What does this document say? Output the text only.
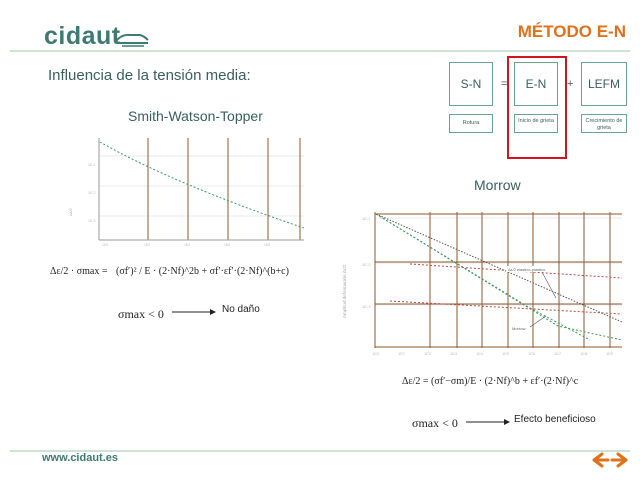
cidaut	MÉTODO E-N
Influencia de la tensión media:	S-N	=	E-N	+	LEFM
Rotura	Inicio de grieta	Crecimiento de grieta
Smith-Watson-Topper
1E-1
1E-2
1E-3
1E0	1E2	1E4	1E6	1E8
Δε/2
Δε/2 · σmax = (σf′)² / E · (2·Nf)^2b + σf′·εf′·(2·Nf)^(b+c)
σmax < 0	No daño
Morrow
Δε/2 elastico-plastico
Morrow
1E-1
1E-2
1E-3
1E0	1E1	1E2	1E3	1E4	1E5	1E6	1E7	1E8	1E9
Amplitud deformación Δε/2
Δε/2 = (σf′−σm)/E · (2·Nf)^b + εf′·(2·Nf)^c
σmax < 0	Efecto beneficioso
www.cidaut.es
